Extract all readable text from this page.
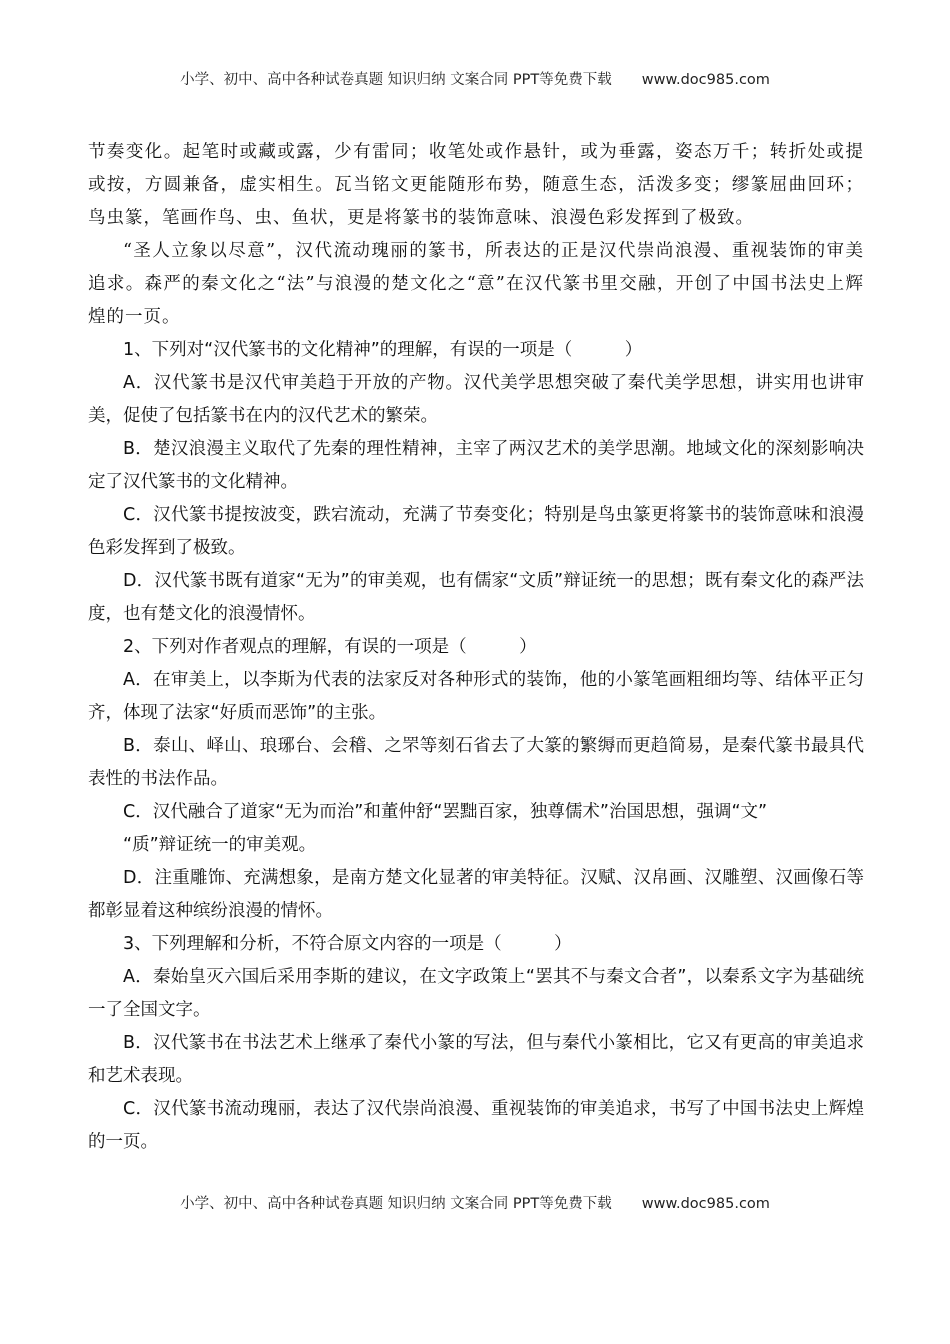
小学、初中、高中各种试卷真题 知识归纳 文案合同 PPT等免费下载 www.doc985.com

节奏变化。起笔时或藏或露，少有雷同；收笔处或作悬针，或为垂露，姿态万千；转折处或提或按，方圆兼备，虚实相生。瓦当铭文更能随形布势，随意生态，活泼多变；缪篆屈曲回环；鸟虫篆，笔画作鸟、虫、鱼状，更是将篆书的装饰意味、浪漫色彩发挥到了极致。

“圣人立象以尽意”，汉代流动瑰丽的篆书，所表达的正是汉代崇尚浪漫、重视装饰的审美追求。森严的秦文化之“法”与浪漫的楚文化之“意”在汉代篆书里交融，开创了中国书法史上辉煌的一页。

1、下列对“汉代篆书的文化精神”的理解，有误的一项是（　　　）

A．汉代篆书是汉代审美趋于开放的产物。汉代美学思想突破了秦代美学思想，讲实用也讲审美，促使了包括篆书在内的汉代艺术的繁荣。

B．楚汉浪漫主义取代了先秦的理性精神，主宰了两汉艺术的美学思潮。地域文化的深刻影响决定了汉代篆书的文化精神。

C．汉代篆书提按波变，跌宕流动，充满了节奏变化；特别是鸟虫篆更将篆书的装饰意味和浪漫色彩发挥到了极致。

D．汉代篆书既有道家“无为”的审美观，也有儒家“文质”辩证统一的思想；既有秦文化的森严法度，也有楚文化的浪漫情怀。

2、下列对作者观点的理解，有误的一项是（　　　）

A．在审美上，以李斯为代表的法家反对各种形式的装饰，他的小篆笔画粗细均等、结体平正匀齐，体现了法家“好质而恶饰”的主张。

B．泰山、峄山、琅琊台、会稽、之罘等刻石省去了大篆的繁缛而更趋简易，是秦代篆书最具代表性的书法作品。

C．汉代融合了道家“无为而治”和董仲舒“罢黜百家，独尊儒术”治国思想，强调“文”

“质”辩证统一的审美观。

D．注重雕饰、充满想象，是南方楚文化显著的审美特征。汉赋、汉帛画、汉雕塑、汉画像石等都彰显着这种缤纷浪漫的情怀。

3、下列理解和分析，不符合原文内容的一项是（　　　）

A．秦始皇灭六国后采用李斯的建议，在文字政策上“罢其不与秦文合者”，以秦系文字为基础统一了全国文字。

B．汉代篆书在书法艺术上继承了秦代小篆的写法，但与秦代小篆相比，它又有更高的审美追求和艺术表现。

C．汉代篆书流动瑰丽，表达了汉代崇尚浪漫、重视装饰的审美追求，书写了中国书法史上辉煌的一页。

小学、初中、高中各种试卷真题 知识归纳 文案合同 PPT等免费下载 www.doc985.com
